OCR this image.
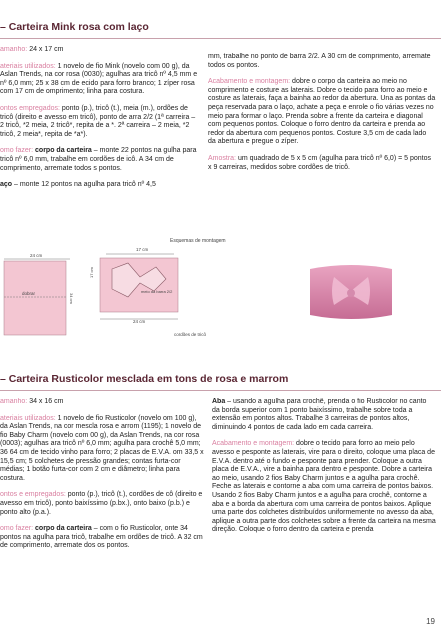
– Carteira Mink rosa com laço

amanho: 24 x 17 cm

ateriais utilizados: 1 novelo de fio Mink (novelo com 00 g), da Aslan Trends, na cor rosa (0030); agulhas ara tricô nº 4,5 mm e nº 6,0 mm; 25 x 38 cm de ecido para forro branco; 1 zíper rosa com 17 cm de omprimento; linha para costura.

ontos empregados: ponto (p.), tricô (t.), meia (m.), ordões de tricô (direito e avesso em tricô), ponto de arra 2/2 (1ª carreira – 2 tricô, *2 meia, 2 tricô*, repita de a *. 2ª carreira – 2 meia, *2 tricô, 2 meia*, repita de *a*).

omo fazer: corpo da carteira – monte 22 pontos na gulha para tricô nº 6,0 mm, trabalhe em cordões de icô. A 34 cm de comprimento, arremate todos s pontos.

aço – monte 12 pontos na agulha para tricô nº 4,5

mm, trabalhe no ponto de barra 2/2. A 30 cm de comprimento, arremate todos os pontos.

Acabamento e montagem: dobre o corpo da carteira ao meio no comprimento e costure as laterais. Dobre o tecido para forro ao meio e costure as laterais, faça a bainha ao redor da abertura. Una as pontas da peça reservada para o laço, achate a peça e enrole o fio várias vezes no meio para formar o laço. Prenda sobre a frente da carteira e diagonal com pequenos pontos. Coloque o forro dentro da carteira e prenda ao redor da abertura com pequenos pontos. Costure 3,5 cm de cada lado da abertura e pregue o zíper.

Amostra: um quadrado de 5 x 5 cm (agulha para tricô nº 6,0) = 5 pontos x 9 carreiras, medidos sobre cordões de tricô.

Esquemas de montagem
24 cm
dobrar	34 cm
17 cm
17 cm
meio da barra 2/2
24 cm
cordões de tricô
– Carteira Rusticolor mesclada em tons de rosa e marrom

amanho: 34 x 16 cm

ateriais utilizados: 1 novelo de fio Rusticolor (novelo om 100 g), da Aslan Trends, na cor mescla rosa e arrom (1195); 1 novelo de fio Baby Charm (novelo com 00 g), da Aslan Trends, na cor rosa (0003); agulhas ara tricô nº 6,0 mm; agulha para crochê 5,0 mm; 36 64 cm de tecido vinho para forro; 2 placas de E.V.A. om 33,5 x 15,5 cm; 5 colchetes de pressão grandes; contas furta-cor médias; 1 botão furta-cor com 2 cm e diâmetro; linha para costura.

ontos e empregados: ponto (p.), tricô (t.), cordões de cô (direito e avesso em tricô), ponto baixíssimo (p.bx.), onto baixo (p.b.) e ponto alto (p.a.).

omo fazer: corpo da carteira – com o fio Rusticolor, onte 34 pontos na agulha para tricô, trabalhe em ordões de tricô. A 32 cm de comprimento, arremate dos os pontos.

Aba – usando a agulha para crochê, prenda o fio Rusticolor no canto da borda superior com 1 ponto baixíssimo, trabalhe sobre toda a extensão em pontos altos. Trabalhe 3 carreiras de pontos altos, diminuindo 4 pontos de cada lado em cada carreira.

Acabamento e montagem: dobre o tecido para forro ao meio pelo avesso e pesponte as laterais, vire para o direito, coloque uma placa de E.V.A. dentro até o fundo e pesponte para prender. Coloque a outra placa de E.V.A., vire a bainha para dentro e pesponte. Dobre a carteira ao meio, usando 2 fios Baby Charm juntos e a agulha para crochê. Feche as laterais e contorne a aba com uma carreira de pontos baixos. Usando 2 fios Baby Charm juntos e a agulha para crochê, contorne a aba e a borda da abertura com uma carreira de pontos baixos. Aplique uma parte dos colchetes distribuídos uniformemente no avesso da aba, aplique a outra parte dos colchetes sobre a frente da carteira na mesma direção. Coloque o forro dentro da carteira e prenda

19
